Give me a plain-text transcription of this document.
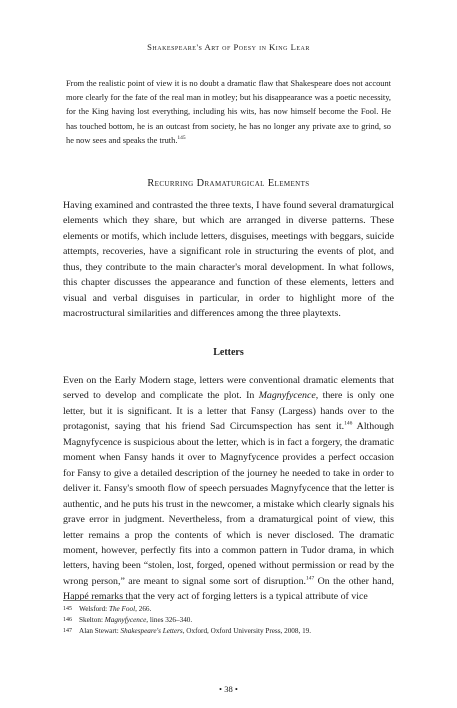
Shakespeare's Art of Poesy in King Lear
From the realistic point of view it is no doubt a dramatic flaw that Shakespeare does not account more clearly for the fate of the real man in motley; but his disappearance was a poetic necessity, for the King having lost everything, including his wits, has now himself become the Fool. He has touched bottom, he is an outcast from society, he has no longer any private axe to grind, so he now sees and speaks the truth.$^{145}$
Recurring Dramaturgical Elements
Having examined and contrasted the three texts, I have found several dramaturgical elements which they share, but which are arranged in diverse patterns. These elements or motifs, which include letters, disguises, meetings with beggars, suicide attempts, recoveries, have a significant role in structuring the events of plot, and thus, they contribute to the main character's moral development. In what follows, this chapter discusses the appearance and function of these elements, letters and visual and verbal disguises in particular, in order to highlight more of the macrostructural similarities and differences among the three playtexts.
Letters
Even on the Early Modern stage, letters were conventional dramatic elements that served to develop and complicate the plot. In Magnyfycence, there is only one letter, but it is significant. It is a letter that Fansy (Largess) hands over to the protagonist, saying that his friend Sad Circumspection has sent it.$^{146}$ Although Magnyfycence is suspicious about the letter, which is in fact a forgery, the dramatic moment when Fansy hands it over to Magnyfycence provides a perfect occasion for Fansy to give a detailed description of the journey he needed to take in order to deliver it. Fansy's smooth flow of speech persuades Magnyfycence that the letter is authentic, and he puts his trust in the newcomer, a mistake which clearly signals his grave error in judgment. Nevertheless, from a dramaturgical point of view, this letter remains a prop the contents of which is never disclosed. The dramatic moment, however, perfectly fits into a common pattern in Tudor drama, in which letters, having been “stolen, lost, forged, opened without permission or read by the wrong person,” are meant to signal some sort of disruption.$^{147}$ On the other hand, Happé remarks that the very act of forging letters is a typical attribute of vice
145 Welsford: The Fool, 266.
146 Skelton: Magnyfycence, lines 326–340.
147 Alan Stewart: Shakespeare's Letters, Oxford, Oxford University Press, 2008, 19.
• 38 •
